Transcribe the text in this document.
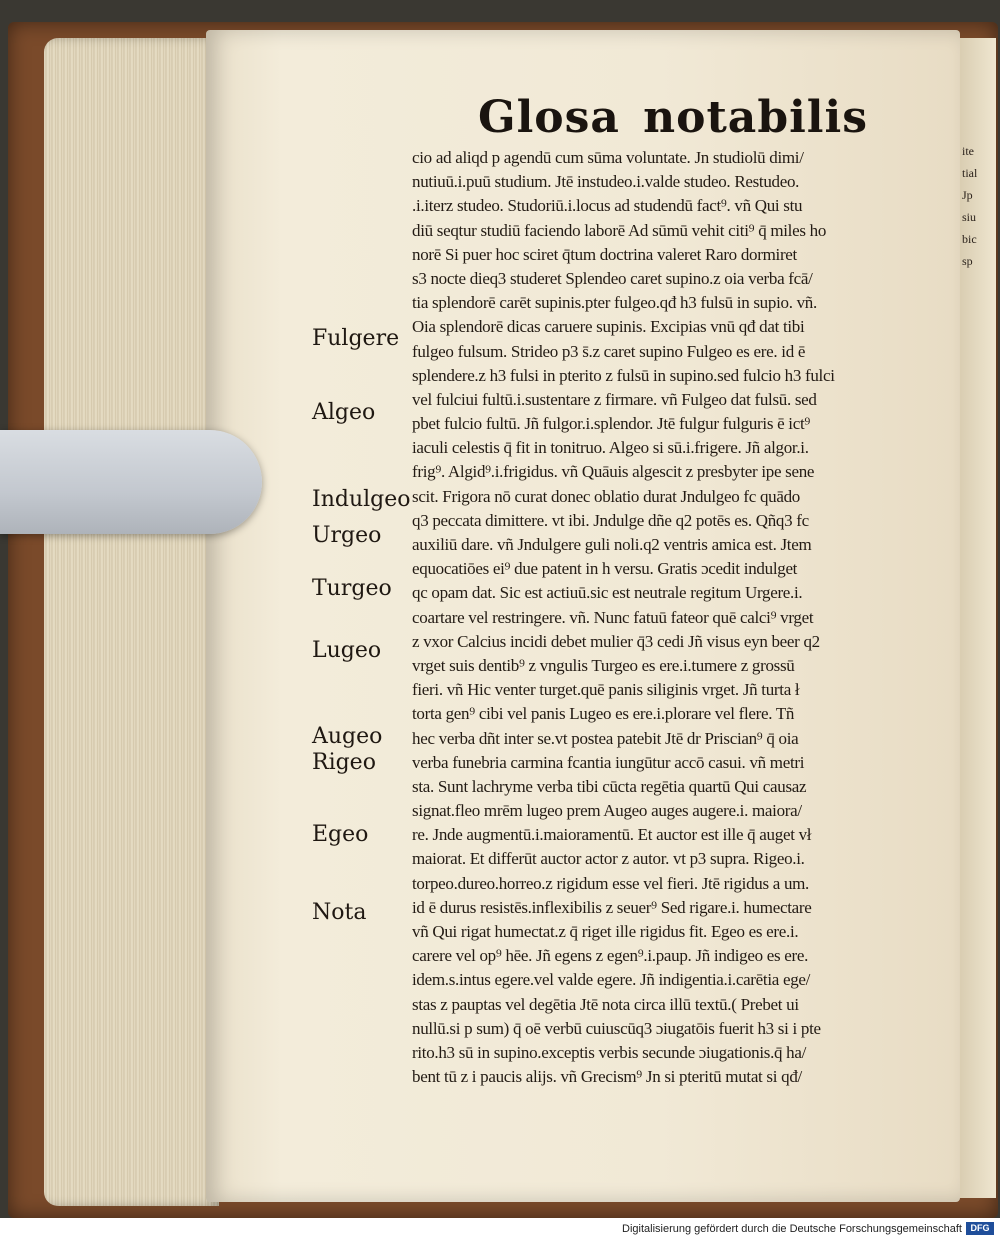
ite
tial
Jp
siu
bic
sp
Glosa notabilis
Fulgere
Algeo
Indulgeo
Urgeo
Turgeo
Lugeo
Augeo
Rigeo
Egeo
Nota
cio ad aliqd p agendū cum sūma voluntate. Jn studiolū dimi/
nutiuū.i.puū studium. Jtē instudeo.i.valde studeo. Restudeo.
.i.iterz studeo. Studoriū.i.locus ad studendū fact⁹. vñ Qui stu
diū seqtur studiū faciendo laborē Ad sūmū vehit citi⁹ q̄ miles ho
norē Si puer hoc sciret q̄tum doctrina valeret Raro dormiret
s3 nocte dieq3 studeret Splendeo caret supino.z oia verba fcā/
tia splendorē carēt supinis.pter fulgeo.qđ h3 fulsū in supio. vñ.
Oia splendorē dicas caruere supinis. Excipias vnū qđ dat tibi
fulgeo fulsum. Strideo p3 s̄.z caret supino Fulgeo es ere. id ē
splendere.z h3 fulsi in pterito z fulsū in supino.sed fulcio h3 fulci
vel fulciui fultū.i.sustentare z firmare. vñ Fulgeo dat fulsū. sed
pbet fulcio fultū. Jñ fulgor.i.splendor. Jtē fulgur fulguris ē ict⁹
iaculi celestis q̄ fit in tonitruo. Algeo si sū.i.frigere. Jñ algor.i.
frig⁹. Algid⁹.i.frigidus. vñ Quāuis algescit z presbyter ipe sene
scit. Frigora nō curat donec oblatio durat Jndulgeo fc quādo
q3 peccata dimittere. vt ibi. Jndulge dñe q2 potēs es. Qñq3 fc
auxiliū dare. vñ Jndulgere guli noli.q2 ventris amica est. Jtem
equocatiōes ei⁹ due patent in h versu. Gratis ɔcedit indulget
qc opam dat. Sic est actiuū.sic est neutrale regitum Urgere.i.
coartare vel restringere. vñ. Nunc fatuū fateor quē calci⁹ vrget
z vxor Calcius incidi debet mulier q̄3 cedi Jñ visus eyn beer q2
vrget suis dentib⁹ z vngulis Turgeo es ere.i.tumere z grossū
fieri. vñ Hic venter turget.quē panis siliginis vrget. Jñ turta ł
torta gen⁹ cibi vel panis Lugeo es ere.i.plorare vel flere. Tñ
hec verba dñt inter se.vt postea patebit Jtē dr Priscian⁹ q̄ oia
verba funebria carmina fcantia iungūtur accō casui. vñ metri
sta. Sunt lachryme verba tibi cūcta regētia quartū Qui causaz
signat.fleo mrēm lugeo prem Augeo auges augere.i. maiora/
re. Jnde augmentū.i.maioramentū. Et auctor est ille q̄ auget vł
maiorat. Et differūt auctor actor z autor. vt p3 supra. Rigeo.i.
torpeo.dureo.horreo.z rigidum esse vel fieri. Jtē rigidus a um.
id ē durus resistēs.inflexibilis z seuer⁹ Sed rigare.i. humectare
vñ Qui rigat humectat.z q̄ riget ille rigidus fit. Egeo es ere.i.
carere vel op⁹ hēe. Jñ egens z egen⁹.i.paup. Jñ indigeo es ere.
idem.s.intus egere.vel valde egere. Jñ indigentia.i.carētia ege/
stas z pauptas vel degētia Jtē nota circa illū textū.( Prebet ui
nullū.si p sum) q̄ oē verbū cuiuscūq3 ɔiugatōis fuerit h3 si i pte
rito.h3 sū in supino.exceptis verbis secunde ɔiugationis.q̄ ha/
bent tū z i paucis alijs. vñ Grecism⁹ Jn si pteritū mutat si qđ/
Digitalisierung gefördert durch die Deutsche Forschungsgemeinschaft DFG
